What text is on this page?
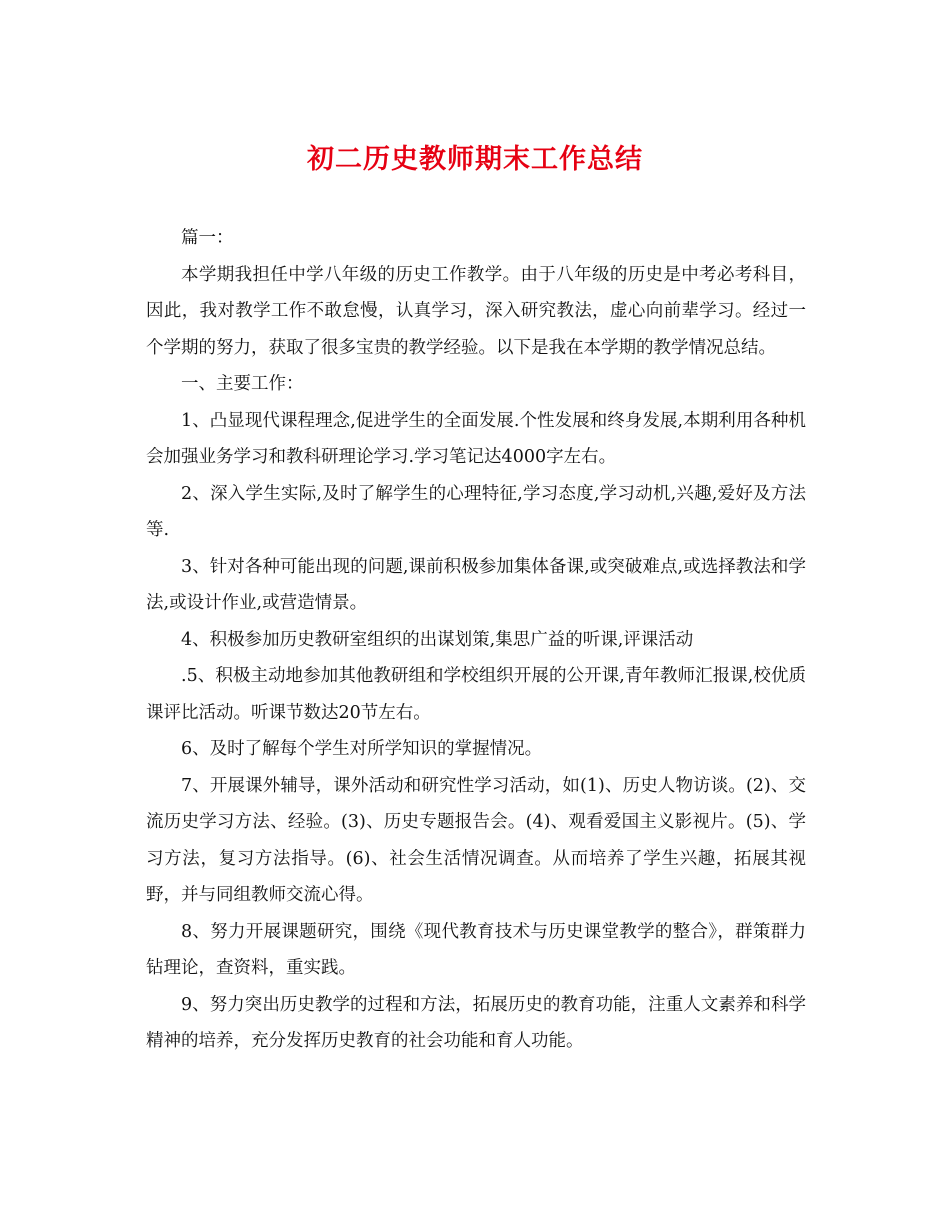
初二历史教师期末工作总结

篇一：

本学期我担任中学八年级的历史工作教学。由于八年级的历史是中考必考科目，因此，我对教学工作不敢怠慢，认真学习，深入研究教法，虚心向前辈学习。经过一个学期的努力，获取了很多宝贵的教学经验。以下是我在本学期的教学情况总结。

一、主要工作：

1、凸显现代课程理念,促进学生的全面发展.个性发展和终身发展,本期利用各种机会加强业务学习和教科研理论学习.学习笔记达4000字左右。

2、深入学生实际,及时了解学生的心理特征,学习态度,学习动机,兴趣,爱好及方法等.

3、针对各种可能出现的问题,课前积极参加集体备课,或突破难点,或选择教法和学法,或设计作业,或营造情景。

4、积极参加历史教研室组织的出谋划策,集思广益的听课,评课活动

.5、积极主动地参加其他教研组和学校组织开展的公开课,青年教师汇报课,校优质课评比活动。听课节数达20节左右。

6、及时了解每个学生对所学知识的掌握情况。

7、开展课外辅导，课外活动和研究性学习活动，如(1)、历史人物访谈。(2)、交流历史学习方法、经验。(3)、历史专题报告会。(4)、观看爱国主义影视片。(5)、学习方法，复习方法指导。(6)、社会生活情况调查。从而培养了学生兴趣，拓展其视野，并与同组教师交流心得。

8、努力开展课题研究，围绕《现代教育技术与历史课堂教学的整合》，群策群力钻理论，查资料，重实践。

9、努力突出历史教学的过程和方法，拓展历史的教育功能，注重人文素养和科学精神的培养，充分发挥历史教育的社会功能和育人功能。
